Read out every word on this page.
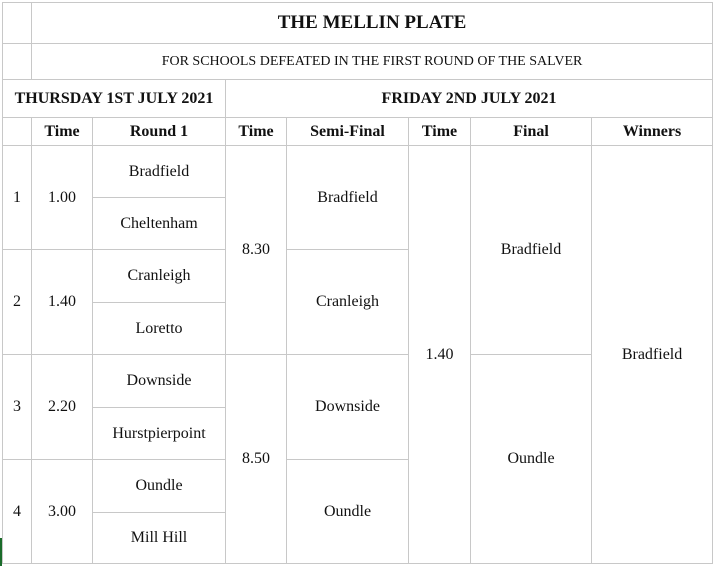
	THE MELLIN PLATE						
	FOR SCHOOLS DEFEATED IN THE FIRST ROUND OF THE SALVER						
THURSDAY 1ST JULY 2021			FRIDAY 2ND JULY 2021				
	Time	Round 1	Time	Semi-Final	Time	Final	Winners
1	1.00	Bradfield	8.30	Bradfield	1.40	Bradfield	Bradfield
		Cheltenham					
2	1.40	Cranleigh		Cranleigh			
		Loretto					
3	2.20	Downside	8.50	Downside		Oundle	
		Hurstpierpoint					
4	3.00	Oundle		Oundle			
		Mill Hill					
